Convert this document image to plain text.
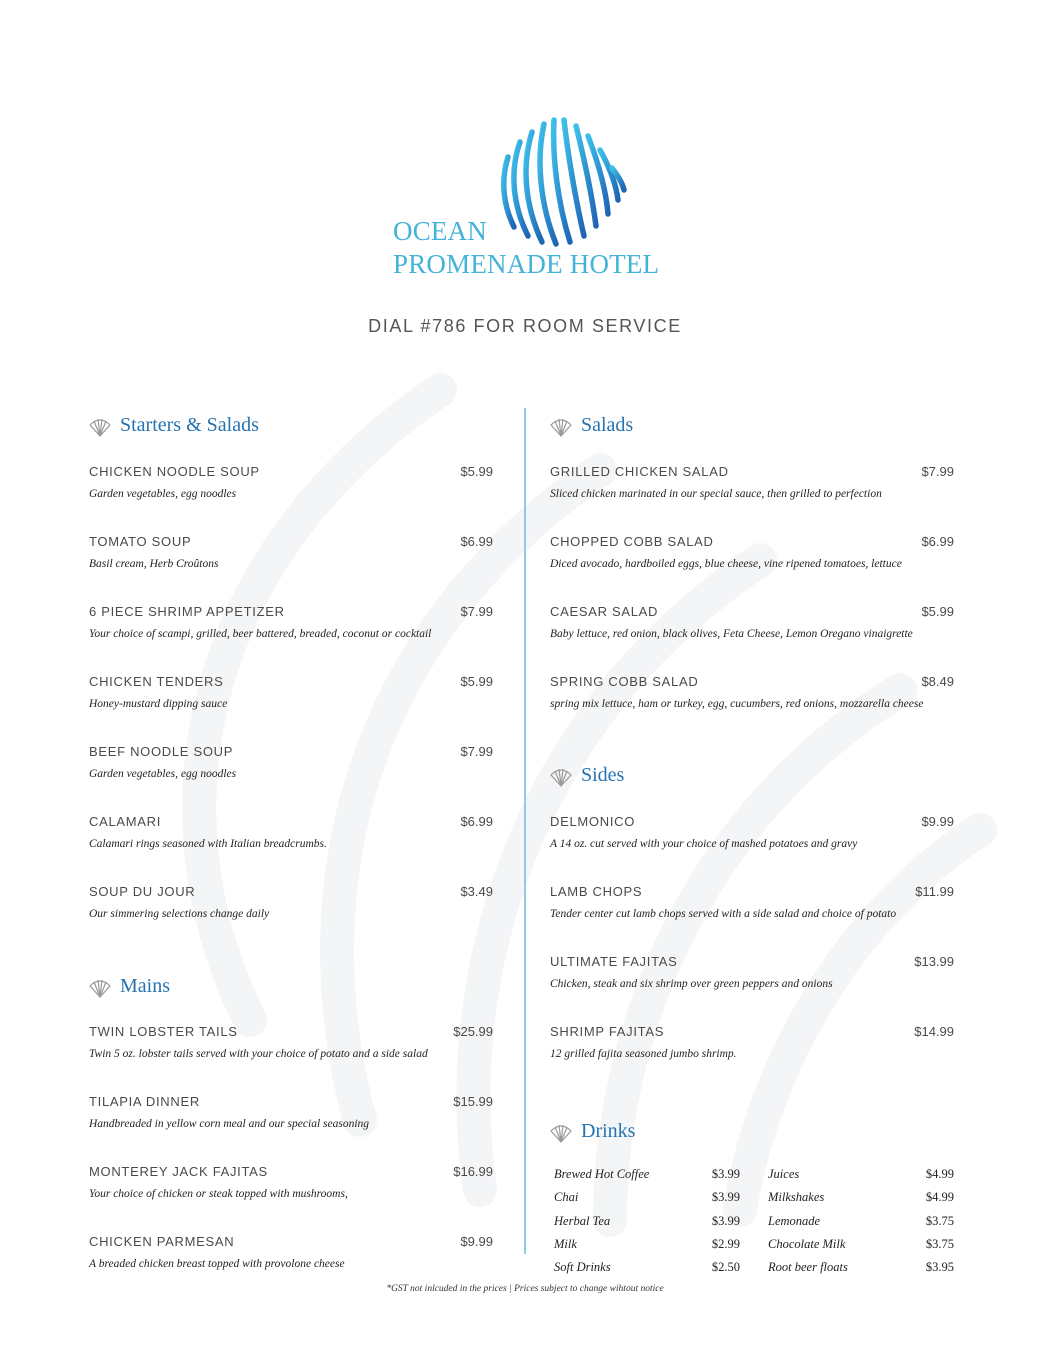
OCEAN
PROMENADE HOTEL
DIAL #786 FOR ROOM SERVICE
Starters & Salads
Mains
Salads
Sides
Drinks
CHICKEN NOODLE SOUP	$5.99
Garden vegetables, egg noodles
TOMATO SOUP	$6.99
Basil cream, Herb Croûtons
6 PIECE SHRIMP APPETIZER	$7.99
Your choice of scampi, grilled, beer battered, breaded, coconut or cocktail
CHICKEN TENDERS	$5.99
Honey-mustard dipping sauce
BEEF NOODLE SOUP	$7.99
Garden vegetables, egg noodles
CALAMARI	$6.99
Calamari rings seasoned with Italian breadcrumbs.
SOUP DU JOUR	$3.49
Our simmering selections change daily
TWIN LOBSTER TAILS	$25.99
Twin 5 oz. lobster tails served with your choice of potato and a side salad
TILAPIA DINNER	$15.99
Handbreaded in yellow corn meal and our special seasoning
MONTEREY JACK FAJITAS	$16.99
Your choice of chicken or steak topped with mushrooms,
CHICKEN PARMESAN	$9.99
A breaded chicken breast topped with provolone cheese
GRILLED CHICKEN SALAD	$7.99
Sliced chicken marinated in our special sauce, then grilled to perfection
CHOPPED COBB SALAD	$6.99
Diced avocado, hardboiled eggs, blue cheese, vine ripened tomatoes, lettuce
CAESAR SALAD	$5.99
Baby lettuce, red onion, black olives, Feta Cheese, Lemon Oregano vinaigrette
SPRING COBB SALAD	$8.49
spring mix lettuce, ham or turkey, egg, cucumbers, red onions, mozzarella cheese
DELMONICO	$9.99
A 14 oz. cut served with your choice of mashed potatoes and gravy
LAMB CHOPS	$11.99
Tender center cut lamb chops served with a side salad and choice of potato
ULTIMATE FAJITAS	$13.99
Chicken, steak and six shrimp over green peppers and onions
SHRIMP FAJITAS	$14.99
12 grilled fajita seasoned jumbo shrimp.
Brewed Hot Coffee	$3.99
Chai	$3.99
Herbal Tea	$3.99
Milk	$2.99
Soft Drinks	$2.50
Juices	$4.99
Milkshakes	$4.99
Lemonade	$3.75
Chocolate Milk	$3.75
Root beer floats	$3.95
*GST not inlcuded in the prices | Prices subject to change wihtout notice
